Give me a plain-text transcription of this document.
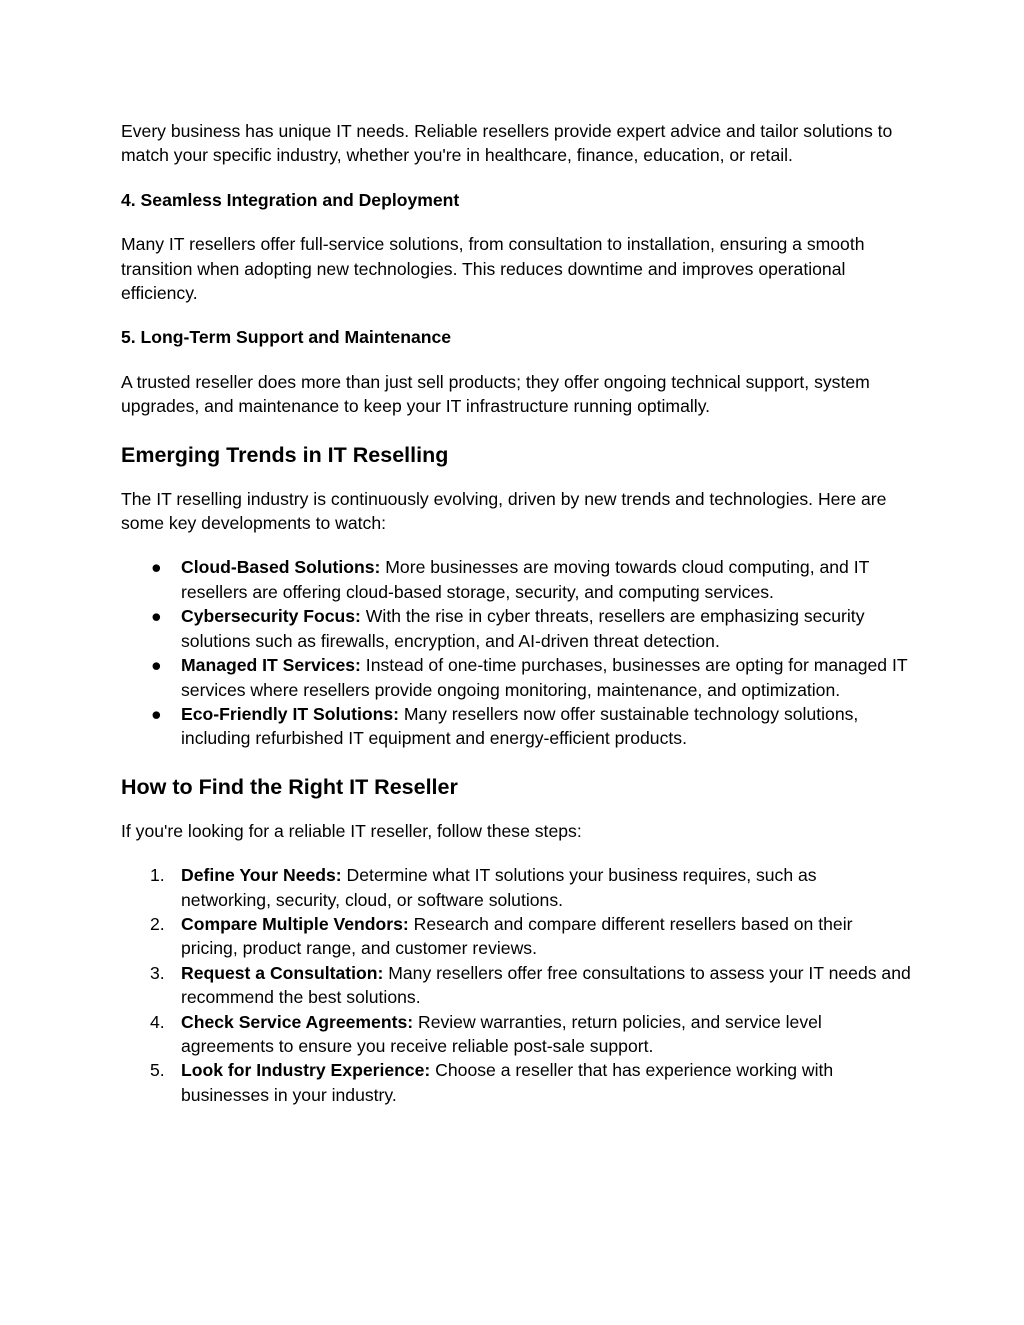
Every business has unique IT needs. Reliable resellers provide expert advice and tailor solutions to match your specific industry, whether you're in healthcare, finance, education, or retail.

4. Seamless Integration and Deployment

Many IT resellers offer full-service solutions, from consultation to installation, ensuring a smooth transition when adopting new technologies. This reduces downtime and improves operational efficiency.

5. Long-Term Support and Maintenance

A trusted reseller does more than just sell products; they offer ongoing technical support, system upgrades, and maintenance to keep your IT infrastructure running optimally.

Emerging Trends in IT Reselling

The IT reselling industry is continuously evolving, driven by new trends and technologies. Here are some key developments to watch:

●	Cloud-Based Solutions: More businesses are moving towards cloud computing, and IT resellers are offering cloud-based storage, security, and computing services.
●	Cybersecurity Focus: With the rise in cyber threats, resellers are emphasizing security solutions such as firewalls, encryption, and AI-driven threat detection.
●	Managed IT Services: Instead of one-time purchases, businesses are opting for managed IT services where resellers provide ongoing monitoring, maintenance, and optimization.
●	Eco-Friendly IT Solutions: Many resellers now offer sustainable technology solutions, including refurbished IT equipment and energy-efficient products.
How to Find the Right IT Reseller

If you're looking for a reliable IT reseller, follow these steps:

1. Define Your Needs: Determine what IT solutions your business requires, such as networking, security, cloud, or software solutions.
2. Compare Multiple Vendors: Research and compare different resellers based on their pricing, product range, and customer reviews.
3. Request a Consultation: Many resellers offer free consultations to assess your IT needs and recommend the best solutions.
4. Check Service Agreements: Review warranties, return policies, and service level agreements to ensure you receive reliable post-sale support.
5. Look for Industry Experience: Choose a reseller that has experience working with businesses in your industry.
